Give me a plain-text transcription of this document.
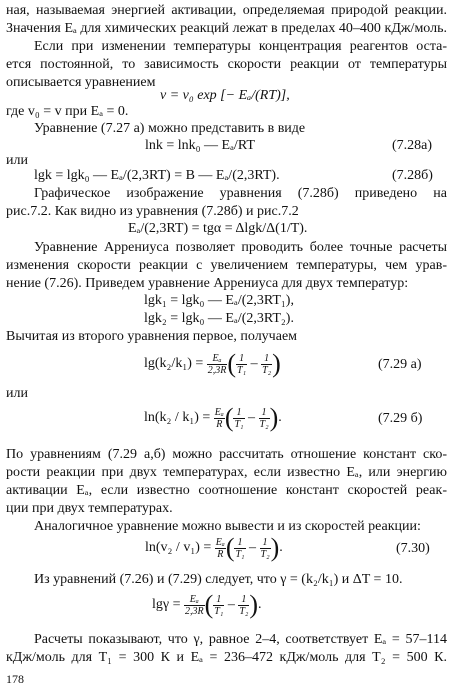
ная, называемая энергией активации, определяемая природой реакции.
Значения Eₐ для химических реакций лежат в пределах 40–400 кДж/моль.
Если при изменении температуры концентрация реагентов оста-
ется постоянной, то зависимость скорости реакции от температуры
описывается уравнением
v = v₀ exp [− Eₐ/(RT)],
где v₀ = v при Eₐ = 0.
Уравнение (7.27 а) можно представить в виде
lnk = lnk₀ — Eₐ/RT	(7.28а)
или
lgk = lgk₀ — Eₐ/(2,3RT) = B — Eₐ/(2,3RT).	(7.28б)
Графическое изображение уравнения (7.28б) приведено на
рис.7.2. Как видно из уравнения (7.28б) и рис.7.2
Eₐ/(2,3RT) = tgα = Δlgk/Δ(1/T).
Уравнение Аррениуса позволяет проводить более точные расчеты
изменения скорости реакции с увеличением температуры, чем урав-
нение (7.26). Приведем уравнение Аррениуса для двух температур:
lgk₁ = lgk₀ — Eₐ/(2,3RT₁),
lgk₂ = lgk₀ — Eₐ/(2,3RT₂).
Вычитая из второго уравнения первое, получаем
$\lg(k_2/k_1) = \frac{\text{Eₐ}}{2,3R}$ ( $\frac{1}{\text{T₁}} - \frac{1}{\text{T₂}}$ )	(7.29 а)
или
$\ln(k_2 / k_1) = \frac{\text{Eₐ}}{R}$ ( $\frac{1}{\text{T₁}} - \frac{1}{\text{T₂}}$ ).	(7.29 б)
По уравнениям (7.29 а,б) можно рассчитать отношение констант ско-
рости реакции при двух температурах, если известно Eₐ, или энергию
активации Eₐ, если известно соотношение констант скоростей реак-
ции при двух температурах.
Аналогичное уравнение можно вывести и из скоростей реакции:
$\ln(v_2 / v_1) = \frac{\text{Eₐ}}{R}$ ( $\frac{1}{\text{T₁}} - \frac{1}{\text{T₂}}$ ).	(7.30)
Из уравнений (7.26) и (7.29) следует, что γ = (k₂/k₁) и ΔT = 10.
$\lg\gamma = \frac{\text{Eₐ}}{2,3R}$ ( $\frac{1}{\text{T₁}} - \frac{1}{\text{T₂}}$ ).
Расчеты показывают, что γ, равное 2–4, соответствует Eₐ = 57–114
кДж/моль для T₁ = 300 К и Eₐ = 236–472 кДж/моль для T₂ = 500 К.
178
